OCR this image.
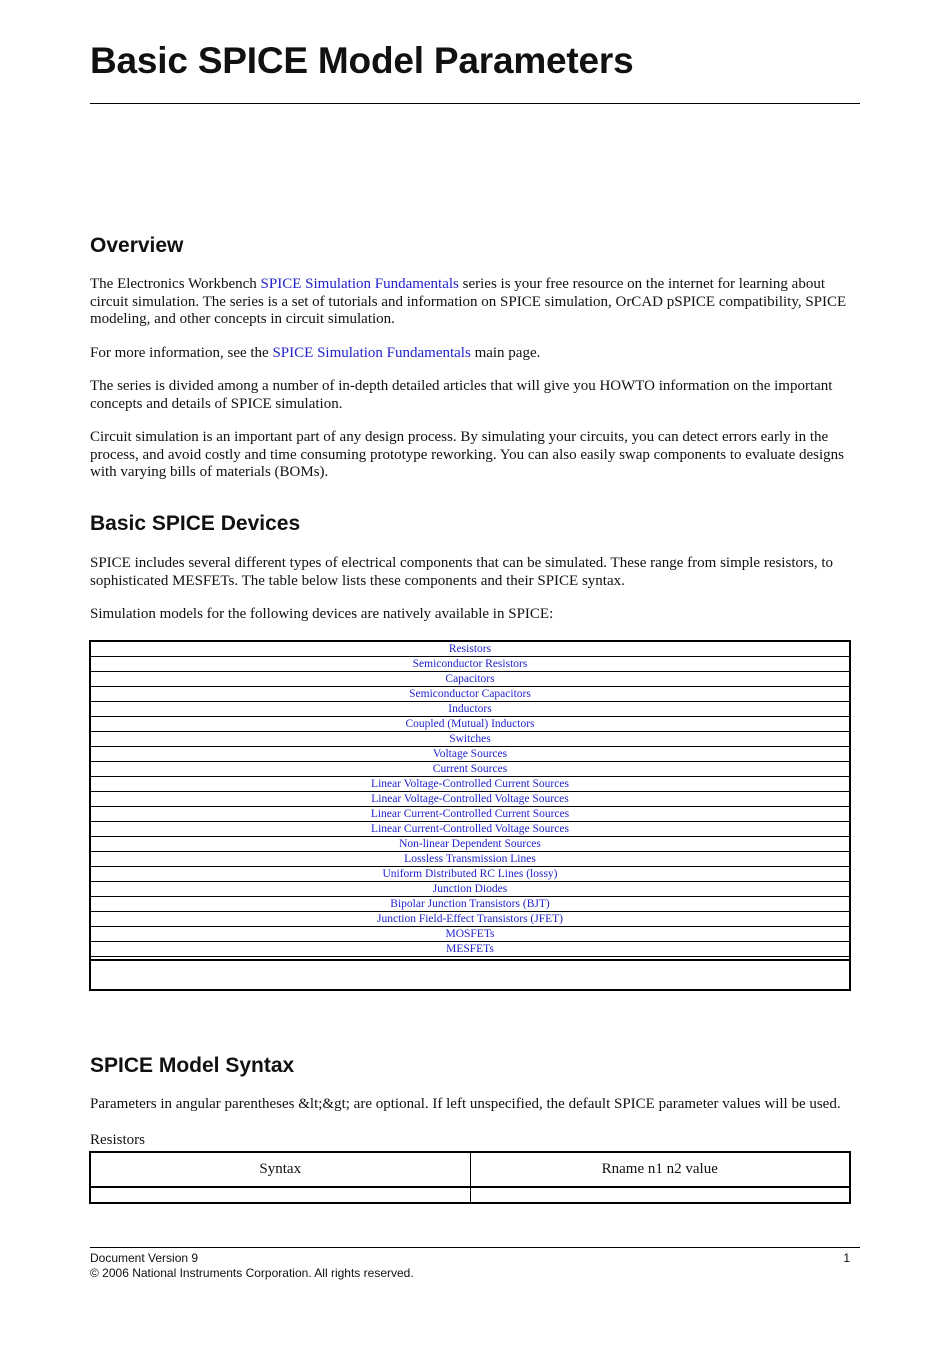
Basic SPICE Model Parameters
Overview

The Electronics Workbench SPICE Simulation Fundamentals series is your free resource on the internet for learning about circuit simulation. The series is a set of tutorials and information on SPICE simulation, OrCAD pSPICE compatibility, SPICE modeling, and other concepts in circuit simulation.

For more information, see the SPICE Simulation Fundamentals main page.

The series is divided among a number of in-depth detailed articles that will give you HOWTO information on the important concepts and details of SPICE simulation.

Circuit simulation is an important part of any design process. By simulating your circuits, you can detect errors early in the process, and avoid costly and time consuming prototype reworking. You can also easily swap components to evaluate designs with varying bills of materials (BOMs).

Basic SPICE Devices

SPICE includes several different types of electrical components that can be simulated. These range from simple resistors, to sophisticated MESFETs. The table below lists these components and their SPICE syntax.

Simulation models for the following devices are natively available in SPICE:

Resistors
Semiconductor Resistors
Capacitors
Semiconductor Capacitors
Inductors
Coupled (Mutual) Inductors
Switches
Voltage Sources
Current Sources
Linear Voltage-Controlled Current Sources
Linear Voltage-Controlled Voltage Sources
Linear Current-Controlled Current Sources
Linear Current-Controlled Voltage Sources
Non-linear Dependent Sources
Lossless Transmission Lines
Uniform Distributed RC Lines (lossy)
Junction Diodes
Bipolar Junction Transistors (BJT)
Junction Field-Effect Transistors (JFET)
MOSFETs
MESFETs

SPICE Model Syntax

Parameters in angular parentheses &lt;&gt; are optional. If left unspecified, the default SPICE parameter values will be used.

Resistors

Syntax	Rname n1 n2 value
Document Version 9
© 2006 National Instruments Corporation. All rights reserved.
1
